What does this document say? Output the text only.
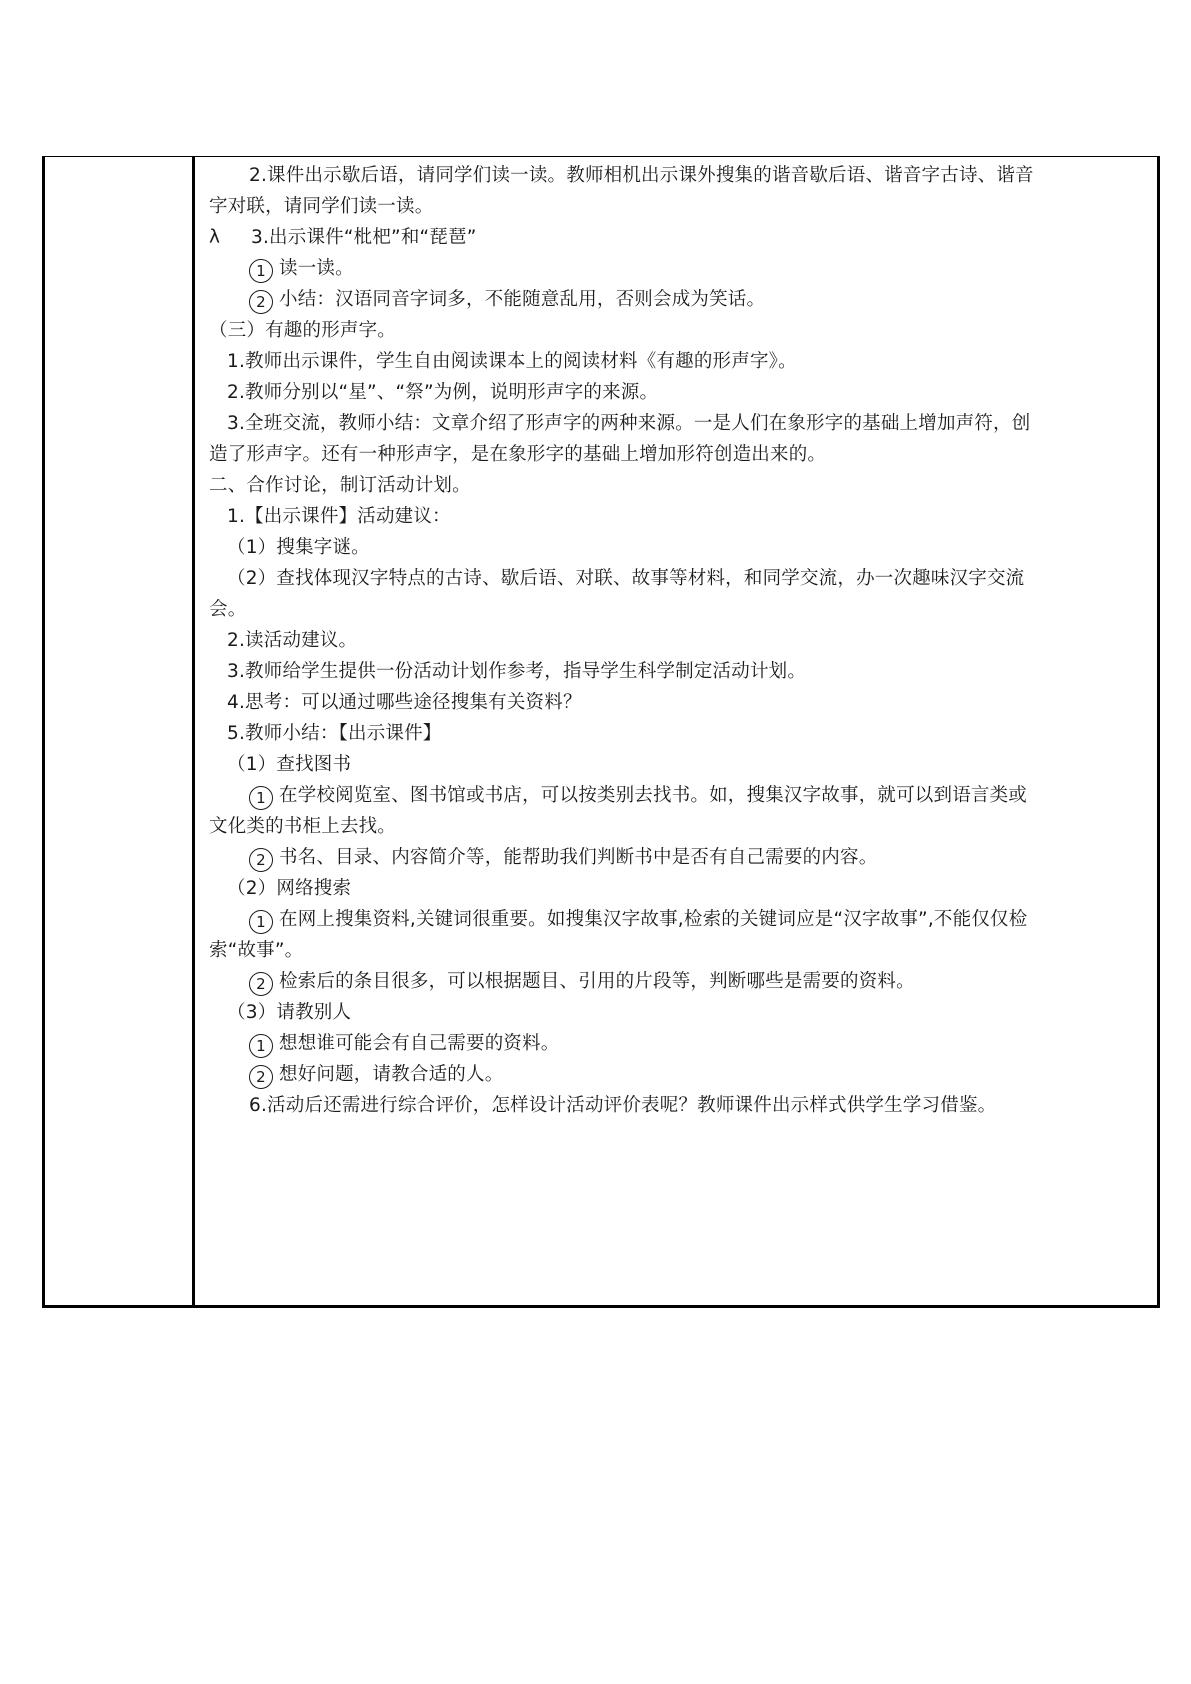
2.课件出示歇后语，请同学们读一读。教师相机出示课外搜集的谐音歇后语、谐音字古诗、谐音
字对联，请同学们读一读。
λ 3.出示课件“枇杷”和“琵琶”
1 读一读。
2 小结：汉语同音字词多，不能随意乱用，否则会成为笑话。
（三）有趣的形声字。
1.教师出示课件，学生自由阅读课本上的阅读材料《有趣的形声字》。
2.教师分别以“星”、“祭”为例，说明形声字的来源。
3.全班交流，教师小结：文章介绍了形声字的两种来源。一是人们在象形字的基础上增加声符，创
造了形声字。还有一种形声字，是在象形字的基础上增加形符创造出来的。
二、合作讨论，制订活动计划。
1.【出示课件】活动建议：
（1）搜集字谜。
（2）查找体现汉字特点的古诗、歇后语、对联、故事等材料，和同学交流，办一次趣味汉字交流
会。
2.读活动建议。
3.教师给学生提供一份活动计划作参考，指导学生科学制定活动计划。
4.思考：可以通过哪些途径搜集有关资料？
5.教师小结：【出示课件】
（1）查找图书
1 在学校阅览室、图书馆或书店，可以按类别去找书。如，搜集汉字故事，就可以到语言类或
文化类的书柜上去找。
2 书名、目录、内容简介等，能帮助我们判断书中是否有自己需要的内容。
（2）网络搜索
1 在网上搜集资料,关键词很重要。如搜集汉字故事,检索的关键词应是“汉字故事”,不能仅仅检
索“故事”。
2 检索后的条目很多，可以根据题目、引用的片段等，判断哪些是需要的资料。
（3）请教别人
1 想想谁可能会有自己需要的资料。
2 想好问题，请教合适的人。
6.活动后还需进行综合评价，怎样设计活动评价表呢？教师课件出示样式供学生学习借鉴。
